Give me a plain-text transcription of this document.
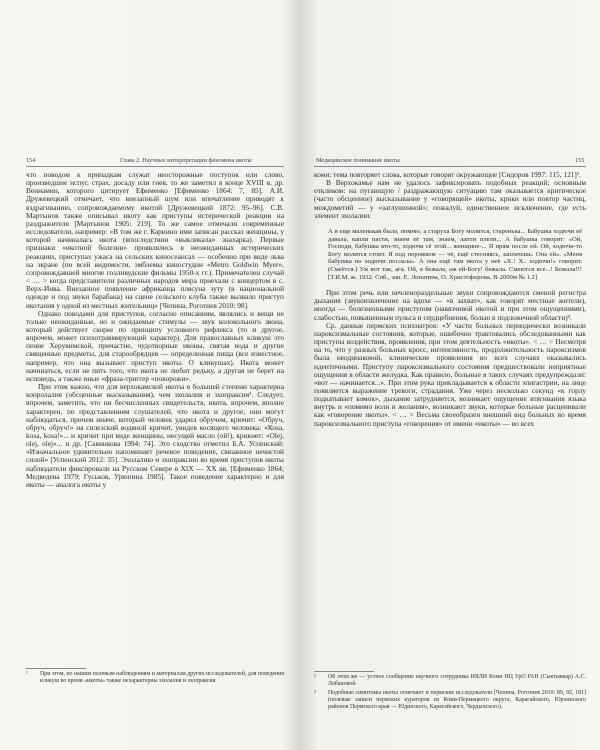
154	Глава 2. Научные интерпретации феномена икоты

что поводом к припадкам служат неосторожные поступок или слово, произведшие испуг, страх, досаду или гнев, то же заметил в конце XVIII в. др. Вениамин, которого цитирует Ефименко [Ефименко 1864: 7, 85]. А.И. Дружевецкий отмечает, что внезапный шум или впечатление приводят к вздрагиванию, сопровождаемому икотой [Дружевецкий 1872: 95–96]. С.В. Мартынов также описывал икоту как приступы истерической реакции на раздражителя [Мартынов 1905: 219]. То же самое отмечали современные исследователи, например: «В том же г. Кариино ими записан рассказ женщины, у которой начиналась икота (впоследствии «выкликала» знахарка). Первые признаки «икотной болезни» проявлялись в неожиданных истерических реакциях, приступах ужаса на сельских киносеансах — особенно при виде льва на экране (по всей видимости, эмблемы киностудии «Metro Goldwin Myer», сопровождавшей многие голливудские фильмы 1950-х гг.). Примечателен случай < … > когда представители различных народов мира приехали с концертом в с. Верх-Инва. Внезапное появление африканца плясуна зуту (в национальной одежде и под звуки барабана) на сцене сельского клуба также вызвало приступ икотания у одной из местных жительниц» [Чепина, Роготнев 2010: 98].

Однако поводами для приступов, согласно описаниям, являлись и вещи не только неожиданные, но и ожидаемые стимулы — звук колокольного звона, который действует скорее по принципу условного рефлекса (то и другое, впрочем, может психотравмирующий характер). Для православных кликуш это пение Херувимской, причастие, чудотворные иконы, святая вода и другие священные предметы, для старообрядцев — определенная пища (все известное, например, что она вызывает приступ икоты. О кликушах). Икота может начинаться, если не пить того, что икота не любит редьку, а другая не берет на исповедь, а также иные «фраза-триггер «поворожи».

При этом важно, что для верхокамской икоты в большей степени характерна копролалия (обсценные высказывания), чем эхолалия и эхопраксия¹. Следует, впрочем, заметить, что ни бесчисленных свидетельств, икота, впрочем, вполне характерен, по представлениям слушателей, что икота и другое, они могут наблюдаться, причем иначе, который человек ударил обручем, крючит: «Обруч, обруч, обруч!» на силезский водяной кричит, увидев косящего человека: «Коsa, kosa, kosa!»... и кричит при виде женщины, несущей масло (ой!), крикнет: «Olej, olej, olej»... и др. [Савинкова 1994: 74]. Это сходство отметил Б.А. Успенский: «Изначальное удивительно напоминает речевое поведение, связанное нечистой силой» [Успенский 2012: 35]. Эхолалию и эхопраксию во время приступов икоты наблюдатели фиксировали на Русском Севере в XIX — XX вв. [Ефименко 1864; Медведева 1979; Гуськов, Урюпина 1985]. Такое поведение характерно и для икоты — аналога икоты у

¹	При этом, по нашим полевым наблюдениям и материалам других исследователей, для поведения кликуш во время «икоты» также нехарактерны эхолалия и эхопраксия.
Медицинское понимание икоты	155

коми: тема повторяет слова, которые говорят окружающие [Сидоров 1997: 115, 121]².

В Верхокамье нам не удалось зафиксировать подобных реакций; основным откликом: на пугающую / раздражающую ситуацию там оказывается критическое (часто обсценное) высказывание у «говорящей» икоты, крики или повтор частиц, междометий — у «заглушенной»; пожалуй, единственное исключение, где есть элемент эхолалии:

А в еще маленькая была, помню, а старуха Богу молится, старенька... Бабушка ходючи её давала, капли пасти, знаем её там, знаем, лапти плели... А бабушка говорит: «Ой, Господи, бабушка кто-то, ходючи сё этой... женщине-... Я прям после ей. Ой, ходючи-то Богу молится стоит. Я под порожком — чё, ещё стесняясь, заплачешь. Она ей». «Меня бабушка по ходючи послала». А она ещё там икота у неё «Х.! Х.. ходючи!» говорит. (Смеётся.) Уж вот так, ага. Ой, я бежала, аж ей-Богу! бежала. Смеются все...! Бежала!!! [Т.И.М. ж. 1932. Спб., зап. Е. Лопатина, О. Христофорова. В-2000м № 1.2]

При этом речь или нечленораздельные звуки сопровождаются сменой регистра дыхания (звукоизвлечение на вдохе — «в захват», как говорят местные жители), иногда — болезненными приступом (навязчивой икотой и при этом ощущениями), слабостью, повышенным пульса и сердцебиения, болью в подложечной области)³.

Ср. данные пермских психиатров: «У части больных периодически возникали пароксизмальные состояния, которые, ошибочно трактовались обследованными как приступы воздействия, проявления, при этом деятельность «икоты». < … > Несмотря на то, что у разных больных кросс, интенсивность, продолжительность пароксизмов была неодинаковой, клинические проявления во всех случаях оказывались идентичными. Приступу пароксизмального состояния предшествовали неприятные ощущения в области желудка. Как правило, больные в таких случаях предупреждали: «вот — начинается...». При этом рука прикладывается к области эпигастрии, на лице появляется выражение тревоги, страдания. Уже через несколько секунд «к горлу подкатывает комок», дыхание затрудняется, возникает ощущение втягивания языка внутрь и «помимо воли и желания», возникают звуки, которые больные расценивали как «говорение икоты». < … > Весьма своеобразен внешний вид больных во время пароксизмального приступа «говорения» от имени «икоты» — во всех

²	Об этом же — устное сообщение научного сотрудника ИЯЛИ Коми НЦ УрО РАН (Сыктывкар) А.С. Лобановой.
³	Подобные симптомы икоты отмечают и пермские исследователи [Чепина, Роготнев 2010: 89, 92, 181] (полевые записи пермских кураторов из Коми-Пермяцкого округа, Карагайского, Юрлинского районов Пермского края — Юдинского, Карагайского, Чердынского).
